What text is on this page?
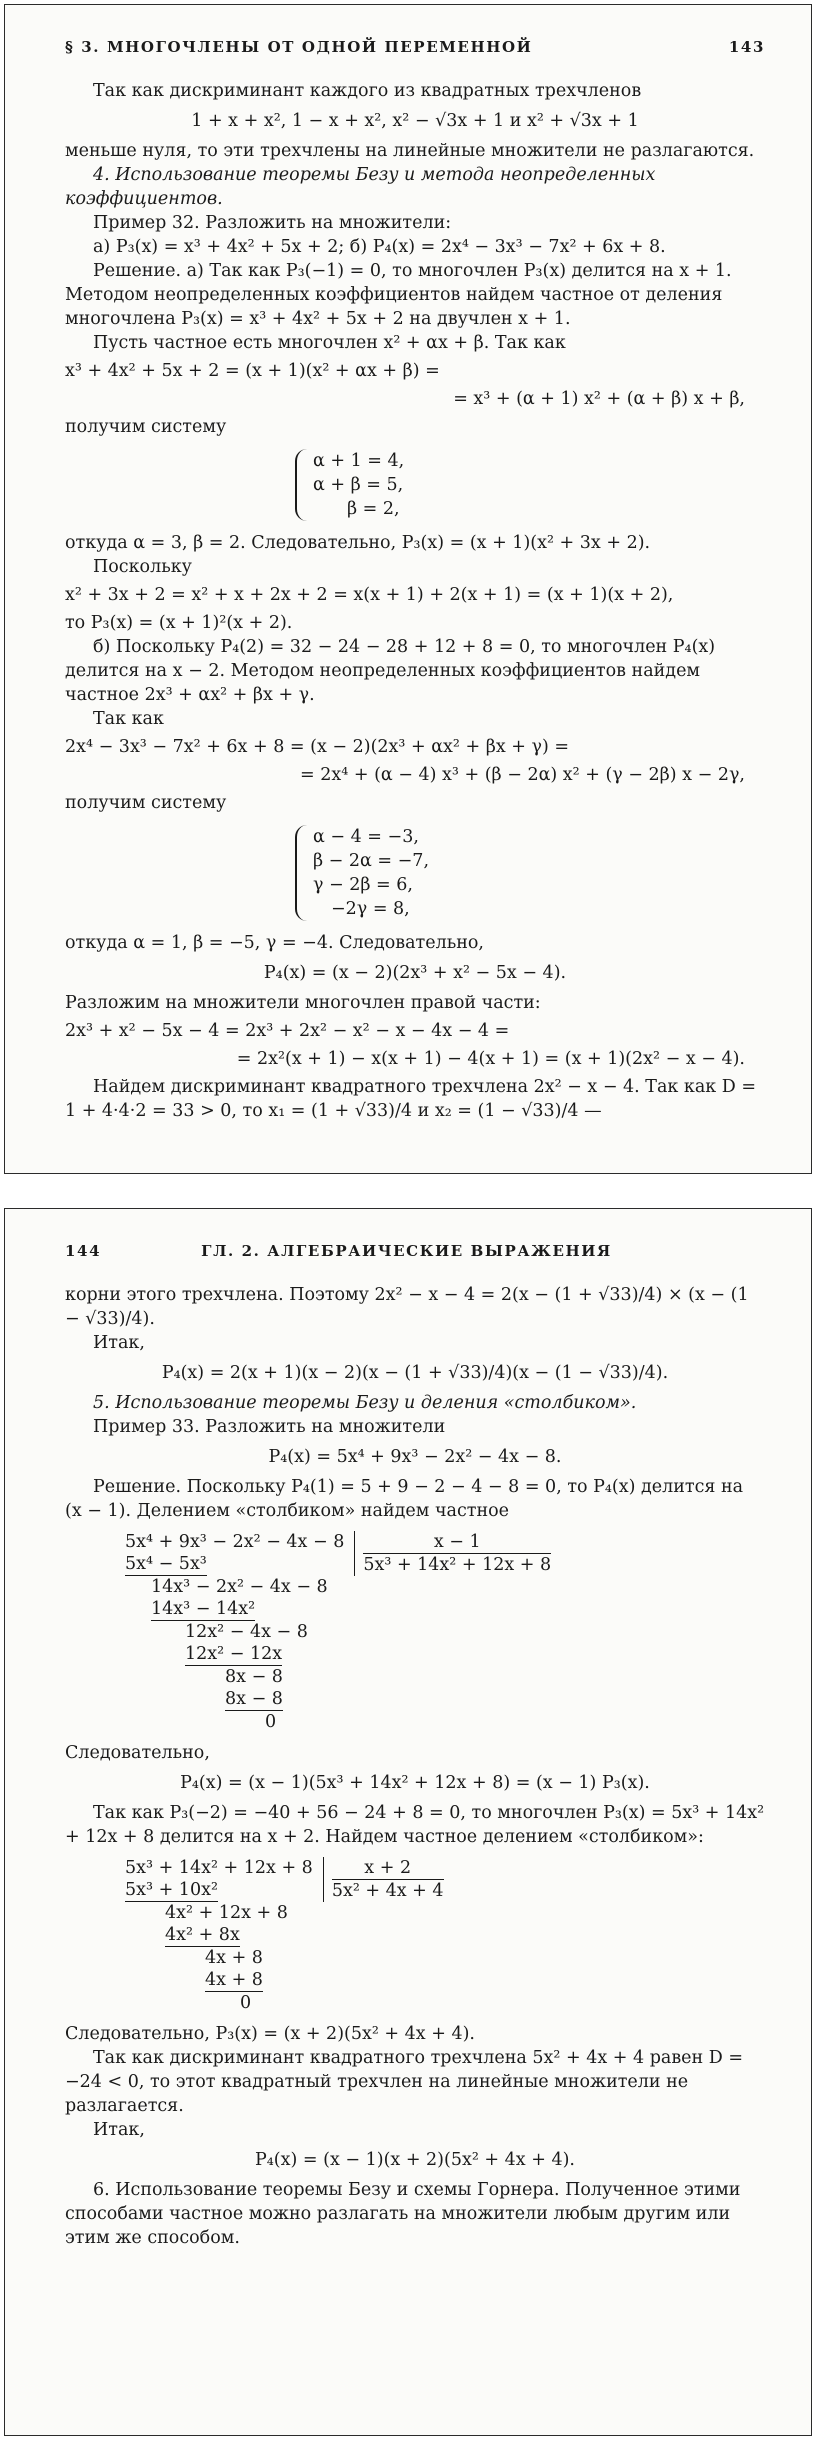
§ 3. МНОГОЧЛЕНЫ ОТ ОДНОЙ ПЕРЕМЕННОЙ	143

Так как дискриминант каждого из квадратных трехчленов

1 + x + x², 1 − x + x², x² − √3x + 1 и x² + √3x + 1

меньше нуля, то эти трехчлены на линейные множители не разлагаются.

4. Использование теоремы Безу и метода неопределенных коэффициентов.

Пример 32. Разложить на множители:

а) P₃(x) = x³ + 4x² + 5x + 2; б) P₄(x) = 2x⁴ − 3x³ − 7x² + 6x + 8.

Решение. а) Так как P₃(−1) = 0, то многочлен P₃(x) делится на x + 1. Методом неопределенных коэффициентов найдем частное от деления многочлена P₃(x) = x³ + 4x² + 5x + 2 на двучлен x + 1.

Пусть частное есть многочлен x² + αx + β. Так как

x³ + 4x² + 5x + 2 = (x + 1)(x² + αx + β) =
= x³ + (α + 1) x² + (α + β) x + β,

получим систему

α + 1 = 4,
α + β = 5,
β = 2,

откуда α = 3, β = 2. Следовательно, P₃(x) = (x + 1)(x² + 3x + 2).

Поскольку

x² + 3x + 2 = x² + x + 2x + 2 = x(x + 1) + 2(x + 1) = (x + 1)(x + 2),

то P₃(x) = (x + 1)²(x + 2).

б) Поскольку P₄(2) = 32 − 24 − 28 + 12 + 8 = 0, то многочлен P₄(x) делится на x − 2. Методом неопределенных коэффициентов найдем частное 2x³ + αx² + βx + γ.

Так как

2x⁴ − 3x³ − 7x² + 6x + 8 = (x − 2)(2x³ + αx² + βx + γ) =
= 2x⁴ + (α − 4) x³ + (β − 2α) x² + (γ − 2β) x − 2γ,

получим систему

α − 4 = −3,
β − 2α = −7,
γ − 2β = 6,
−2γ = 8,

откуда α = 1, β = −5, γ = −4. Следовательно,

P₄(x) = (x − 2)(2x³ + x² − 5x − 4).

Разложим на множители многочлен правой части:

2x³ + x² − 5x − 4 = 2x³ + 2x² − x² − x − 4x − 4 =
= 2x²(x + 1) − x(x + 1) − 4(x + 1) = (x + 1)(2x² − x − 4).

Найдем дискриминант квадратного трехчлена 2x² − x − 4. Так как D = 1 + 4·4·2 = 33 > 0, то x₁ = (1 + √33)/4 и x₂ = (1 − √33)/4 —

144	ГЛ. 2. АЛГЕБРАИЧЕСКИЕ ВЫРАЖЕНИЯ

корни этого трехчлена. Поэтому 2x² − x − 4 = 2(x − (1 + √33)/4) × (x − (1 − √33)/4).

Итак,

P₄(x) = 2(x + 1)(x − 2)(x − (1 + √33)/4)(x − (1 − √33)/4).

5. Использование теоремы Безу и деления «столбиком».

Пример 33. Разложить на множители

P₄(x) = 5x⁴ + 9x³ − 2x² − 4x − 8.

Решение. Поскольку P₄(1) = 5 + 9 − 2 − 4 − 8 = 0, то P₄(x) делится на (x − 1). Делением «столбиком» найдем частное

5x⁴ + 9x³ − 2x² − 4x − 8
5x⁴ − 5x³
14x³ − 2x² − 4x − 8
14x³ − 14x²
12x² − 4x − 8
12x² − 12x
8x − 8
8x − 8
0
x − 1
5x³ + 14x² + 12x + 8

Следовательно,

P₄(x) = (x − 1)(5x³ + 14x² + 12x + 8) = (x − 1) P₃(x).

Так как P₃(−2) = −40 + 56 − 24 + 8 = 0, то многочлен P₃(x) = 5x³ + 14x² + 12x + 8 делится на x + 2. Найдем частное делением «столбиком»:

5x³ + 14x² + 12x + 8
5x³ + 10x²
4x² + 12x + 8
4x² + 8x
4x + 8
4x + 8
0
x + 2
5x² + 4x + 4

Следовательно, P₃(x) = (x + 2)(5x² + 4x + 4).

Так как дискриминант квадратного трехчлена 5x² + 4x + 4 равен D = −24 < 0, то этот квадратный трехчлен на линейные множители не разлагается.

Итак,

P₄(x) = (x − 1)(x + 2)(5x² + 4x + 4).

6. Использование теоремы Безу и схемы Горнера. Полученное этими способами частное можно разлагать на множители любым другим или этим же способом.
